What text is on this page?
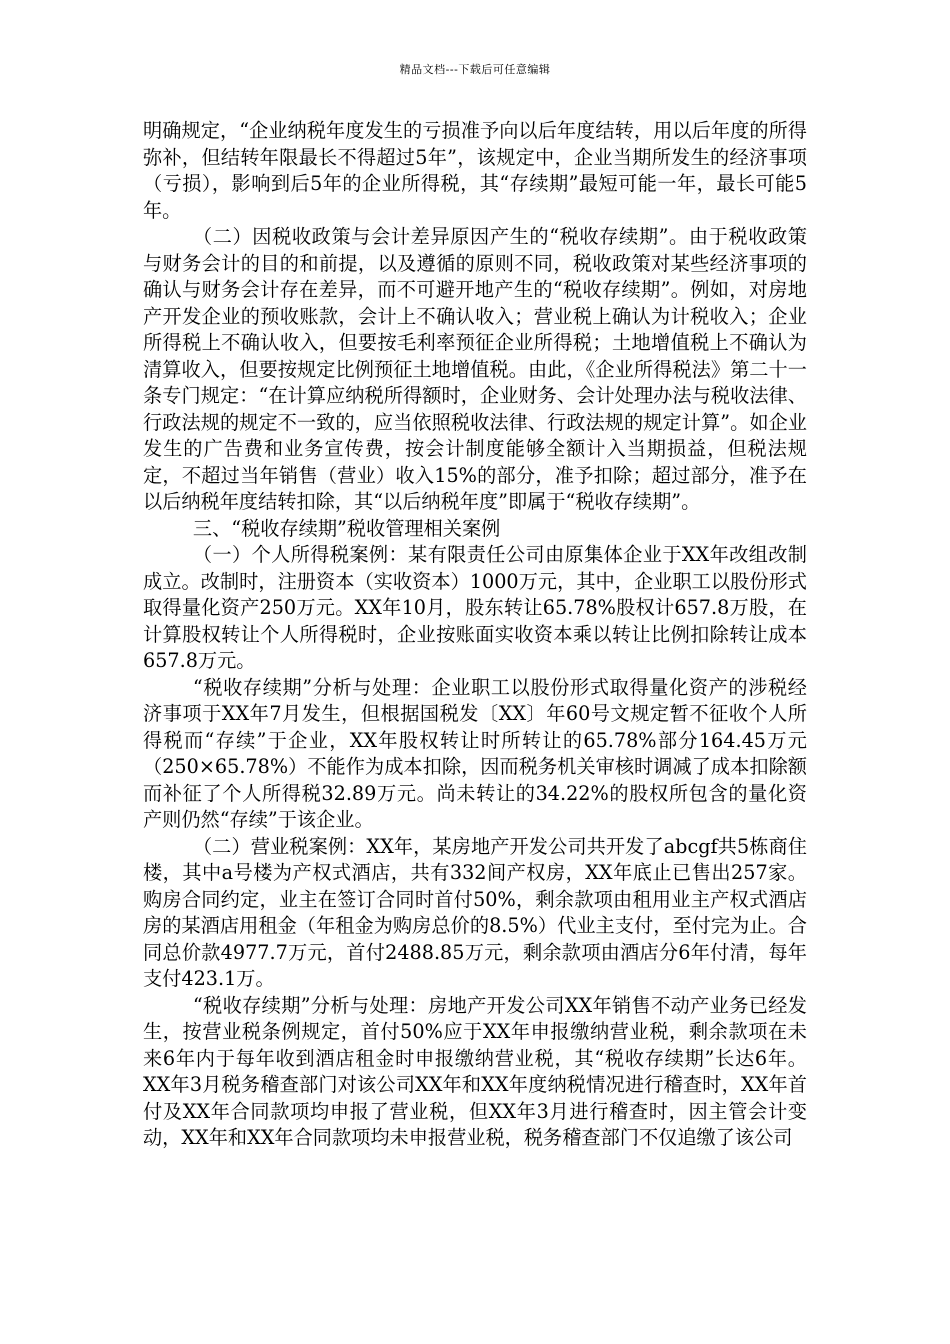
精品文档---下载后可任意编辑

明确规定，“企业纳税年度发生的亏损准予向以后年度结转，用以后年度的所得弥补，但结转年限最长不得超过5年”，该规定中，企业当期所发生的经济事项（亏损），影响到后5年的企业所得税，其“存续期”最短可能一年，最长可能5年。

（二）因税收政策与会计差异原因产生的“税收存续期”。由于税收政策与财务会计的目的和前提，以及遵循的原则不同，税收政策对某些经济事项的确认与财务会计存在差异，而不可避开地产生的“税收存续期”。例如，对房地产开发企业的预收账款，会计上不确认收入；营业税上确认为计税收入；企业所得税上不确认收入，但要按毛利率预征企业所得税；土地增值税上不确认为清算收入，但要按规定比例预征土地增值税。由此，《企业所得税法》第二十一条专门规定：“在计算应纳税所得额时，企业财务、会计处理办法与税收法律、行政法规的规定不一致的，应当依照税收法律、行政法规的规定计算”。如企业发生的广告费和业务宣传费，按会计制度能够全额计入当期损益，但税法规定，不超过当年销售（营业）收入15%的部分，准予扣除；超过部分，准予在以后纳税年度结转扣除，其“以后纳税年度”即属于“税收存续期”。

三、“税收存续期”税收管理相关案例

（一）个人所得税案例：某有限责任公司由原集体企业于XX年改组改制成立。改制时，注册资本（实收资本）1000万元，其中，企业职工以股份形式取得量化资产250万元。XX年10月，股东转让65.78%股权计657.8万股，在计算股权转让个人所得税时，企业按账面实收资本乘以转让比例扣除转让成本657.8万元。

“税收存续期”分析与处理：企业职工以股份形式取得量化资产的涉税经济事项于XX年7月发生，但根据国税发〔XX〕年60号文规定暂不征收个人所得税而“存续”于企业，XX年股权转让时所转让的65.78%部分164.45万元（250×65.78%）不能作为成本扣除，因而税务机关审核时调减了成本扣除额而补征了个人所得税32.89万元。尚未转让的34.22%的股权所包含的量化资产则仍然“存续”于该企业。

（二）营业税案例：XX年，某房地产开发公司共开发了abcgf共5栋商住楼，其中a号楼为产权式酒店，共有332间产权房，XX年底止已售出257家。购房合同约定，业主在签订合同时首付50%，剩余款项由租用业主产权式酒店房的某酒店用租金（年租金为购房总价的8.5%）代业主支付，至付完为止。合同总价款4977.7万元，首付2488.85万元，剩余款项由酒店分6年付清，每年支付423.1万。

“税收存续期”分析与处理：房地产开发公司XX年销售不动产业务已经发生，按营业税条例规定，首付50%应于XX年申报缴纳营业税，剩余款项在未来6年内于每年收到酒店租金时申报缴纳营业税，其“税收存续期”长达6年。XX年3月税务稽查部门对该公司XX年和XX年度纳税情况进行稽查时，XX年首付及XX年合同款项均申报了营业税，但XX年3月进行稽查时，因主管会计变动，XX年和XX年合同款项均未申报营业税，税务稽查部门不仅追缴了该公司
